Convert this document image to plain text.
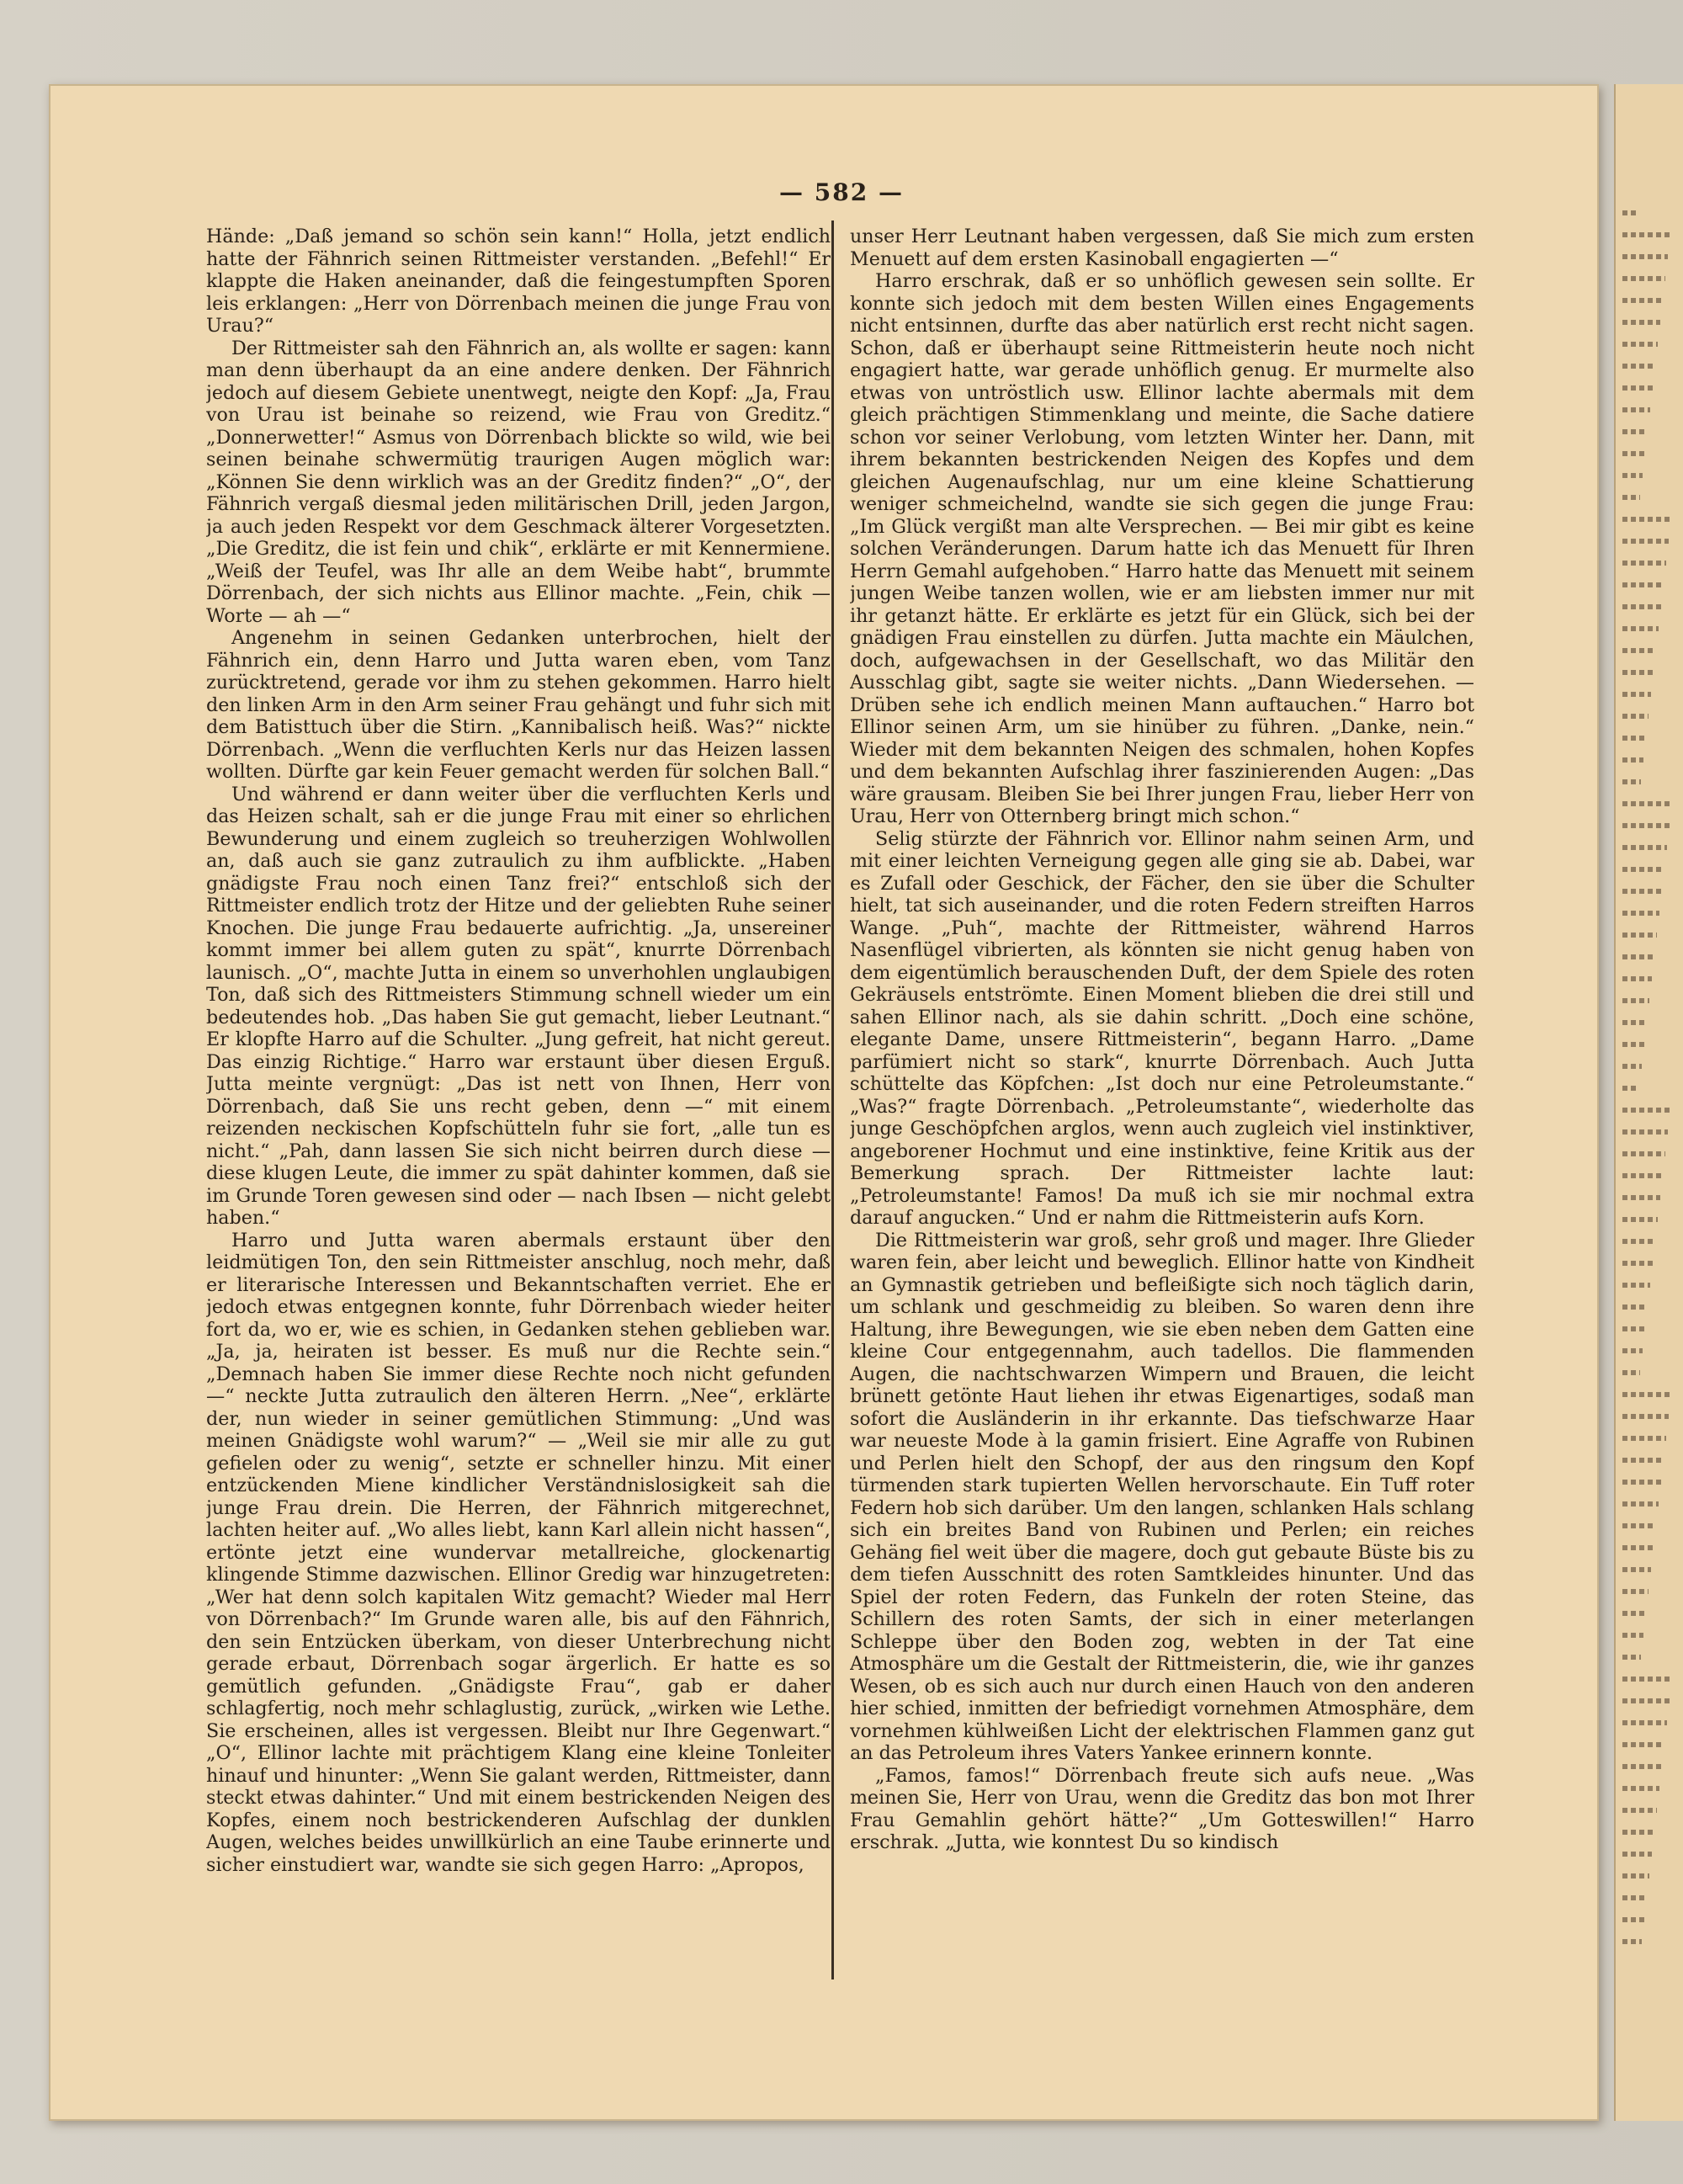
— 582 —

Hände: „Daß jemand so schön sein kann!“ Holla, jetzt endlich hatte der Fähnrich seinen Rittmeister verstanden. „Befehl!“ Er klappte die Haken aneinander, daß die feingestumpften Sporen leis erklangen: „Herr von Dörrenbach meinen die junge Frau von Urau?“

Der Rittmeister sah den Fähnrich an, als wollte er sagen: kann man denn überhaupt da an eine andere denken. Der Fähnrich jedoch auf diesem Gebiete unentwegt, neigte den Kopf: „Ja, Frau von Urau ist beinahe so reizend, wie Frau von Greditz.“ „Donnerwetter!“ Asmus von Dörrenbach blickte so wild, wie bei seinen beinahe schwermütig traurigen Augen möglich war: „Können Sie denn wirklich was an der Greditz finden?“ „O“, der Fähnrich vergaß diesmal jeden militärischen Drill, jeden Jargon, ja auch jeden Respekt vor dem Geschmack älterer Vorgesetzten. „Die Greditz, die ist fein und chik“, erklärte er mit Kennermiene. „Weiß der Teufel, was Ihr alle an dem Weibe habt“, brummte Dörrenbach, der sich nichts aus Ellinor machte. „Fein, chik — Worte — ah —“

Angenehm in seinen Gedanken unterbrochen, hielt der Fähnrich ein, denn Harro und Jutta waren eben, vom Tanz zurücktretend, gerade vor ihm zu stehen gekommen. Harro hielt den linken Arm in den Arm seiner Frau gehängt und fuhr sich mit dem Batisttuch über die Stirn. „Kannibalisch heiß. Was?“ nickte Dörrenbach. „Wenn die verfluchten Kerls nur das Heizen lassen wollten. Dürfte gar kein Feuer gemacht werden für solchen Ball.“

Und während er dann weiter über die verfluchten Kerls und das Heizen schalt, sah er die junge Frau mit einer so ehrlichen Bewunderung und einem zugleich so treuherzigen Wohlwollen an, daß auch sie ganz zutraulich zu ihm aufblickte. „Haben gnädigste Frau noch einen Tanz frei?“ entschloß sich der Rittmeister endlich trotz der Hitze und der geliebten Ruhe seiner Knochen. Die junge Frau bedauerte aufrichtig. „Ja, unsereiner kommt immer bei allem guten zu spät“, knurrte Dörrenbach launisch. „O“, machte Jutta in einem so unverhohlen unglaubigen Ton, daß sich des Rittmeisters Stimmung schnell wieder um ein bedeutendes hob. „Das haben Sie gut gemacht, lieber Leutnant.“ Er klopfte Harro auf die Schulter. „Jung gefreit, hat nicht gereut. Das einzig Richtige.“ Harro war erstaunt über diesen Erguß. Jutta meinte vergnügt: „Das ist nett von Ihnen, Herr von Dörrenbach, daß Sie uns recht geben, denn —“ mit einem reizenden neckischen Kopfschütteln fuhr sie fort, „alle tun es nicht.“ „Pah, dann lassen Sie sich nicht beirren durch diese — diese klugen Leute, die immer zu spät dahinter kommen, daß sie im Grunde Toren gewesen sind oder — nach Ibsen — nicht gelebt haben.“

Harro und Jutta waren abermals erstaunt über den leidmütigen Ton, den sein Rittmeister anschlug, noch mehr, daß er literarische Interessen und Bekanntschaften verriet. Ehe er jedoch etwas entgegnen konnte, fuhr Dörrenbach wieder heiter fort da, wo er, wie es schien, in Gedanken stehen geblieben war. „Ja, ja, heiraten ist besser. Es muß nur die Rechte sein.“ „Demnach haben Sie immer diese Rechte noch nicht gefunden —“ neckte Jutta zutraulich den älteren Herrn. „Nee“, erklärte der, nun wieder in seiner gemütlichen Stimmung: „Und was meinen Gnädigste wohl warum?“ — „Weil sie mir alle zu gut gefielen oder zu wenig“, setzte er schneller hinzu. Mit einer entzückenden Miene kindlicher Verständnislosigkeit sah die junge Frau drein. Die Herren, der Fähnrich mitgerechnet, lachten heiter auf. „Wo alles liebt, kann Karl allein nicht hassen“, ertönte jetzt eine wundervar metallreiche, glockenartig klingende Stimme dazwischen. Ellinor Gredig war hinzugetreten: „Wer hat denn solch kapitalen Witz gemacht? Wieder mal Herr von Dörrenbach?“ Im Grunde waren alle, bis auf den Fähnrich, den sein Entzücken überkam, von dieser Unterbrechung nicht gerade erbaut, Dörrenbach sogar ärgerlich. Er hatte es so gemütlich gefunden. „Gnädigste Frau“, gab er daher schlagfertig, noch mehr schlaglustig, zurück, „wirken wie Lethe. Sie erscheinen, alles ist vergessen. Bleibt nur Ihre Gegenwart.“ „O“, Ellinor lachte mit prächtigem Klang eine kleine Tonleiter hinauf und hinunter: „Wenn Sie galant werden, Rittmeister, dann steckt etwas dahinter.“ Und mit einem bestrickenden Neigen des Kopfes, einem noch bestrickenderen Aufschlag der dunklen Augen, welches beides unwillkürlich an eine Taube erinnerte und sicher einstudiert war, wandte sie sich gegen Harro: „Apropos,

unser Herr Leutnant haben vergessen, daß Sie mich zum ersten Menuett auf dem ersten Kasinoball engagierten —“

Harro erschrak, daß er so unhöflich gewesen sein sollte. Er konnte sich jedoch mit dem besten Willen eines Engagements nicht entsinnen, durfte das aber natürlich erst recht nicht sagen. Schon, daß er überhaupt seine Rittmeisterin heute noch nicht engagiert hatte, war gerade unhöflich genug. Er murmelte also etwas von untröstlich usw. Ellinor lachte abermals mit dem gleich prächtigen Stimmenklang und meinte, die Sache datiere schon vor seiner Verlobung, vom letzten Winter her. Dann, mit ihrem bekannten bestrickenden Neigen des Kopfes und dem gleichen Augenaufschlag, nur um eine kleine Schattierung weniger schmeichelnd, wandte sie sich gegen die junge Frau: „Im Glück vergißt man alte Versprechen. — Bei mir gibt es keine solchen Veränderungen. Darum hatte ich das Menuett für Ihren Herrn Gemahl aufgehoben.“ Harro hatte das Menuett mit seinem jungen Weibe tanzen wollen, wie er am liebsten immer nur mit ihr getanzt hätte. Er erklärte es jetzt für ein Glück, sich bei der gnädigen Frau einstellen zu dürfen. Jutta machte ein Mäulchen, doch, aufgewachsen in der Gesellschaft, wo das Militär den Ausschlag gibt, sagte sie weiter nichts. „Dann Wiedersehen. — Drüben sehe ich endlich meinen Mann auftauchen.“ Harro bot Ellinor seinen Arm, um sie hinüber zu führen. „Danke, nein.“ Wieder mit dem bekannten Neigen des schmalen, hohen Kopfes und dem bekannten Aufschlag ihrer faszinierenden Augen: „Das wäre grausam. Bleiben Sie bei Ihrer jungen Frau, lieber Herr von Urau, Herr von Otternberg bringt mich schon.“

Selig stürzte der Fähnrich vor. Ellinor nahm seinen Arm, und mit einer leichten Verneigung gegen alle ging sie ab. Dabei, war es Zufall oder Geschick, der Fächer, den sie über die Schulter hielt, tat sich auseinander, und die roten Federn streiften Harros Wange. „Puh“, machte der Rittmeister, während Harros Nasenflügel vibrierten, als könnten sie nicht genug haben von dem eigentümlich berauschenden Duft, der dem Spiele des roten Gekräusels entströmte. Einen Moment blieben die drei still und sahen Ellinor nach, als sie dahin schritt. „Doch eine schöne, elegante Dame, unsere Rittmeisterin“, begann Harro. „Dame parfümiert nicht so stark“, knurrte Dörrenbach. Auch Jutta schüttelte das Köpfchen: „Ist doch nur eine Petroleumstante.“ „Was?“ fragte Dörrenbach. „Petroleumstante“, wiederholte das junge Geschöpfchen arglos, wenn auch zugleich viel instinktiver, angeborener Hochmut und eine instinktive, feine Kritik aus der Bemerkung sprach. Der Rittmeister lachte laut: „Petroleumstante! Famos! Da muß ich sie mir nochmal extra darauf angucken.“ Und er nahm die Rittmeisterin aufs Korn.

Die Rittmeisterin war groß, sehr groß und mager. Ihre Glieder waren fein, aber leicht und beweglich. Ellinor hatte von Kindheit an Gymnastik getrieben und befleißigte sich noch täglich darin, um schlank und geschmeidig zu bleiben. So waren denn ihre Haltung, ihre Bewegungen, wie sie eben neben dem Gatten eine kleine Cour entgegennahm, auch tadellos. Die flammenden Augen, die nachtschwarzen Wimpern und Brauen, die leicht brünett getönte Haut liehen ihr etwas Eigenartiges, sodaß man sofort die Ausländerin in ihr erkannte. Das tiefschwarze Haar war neueste Mode à la gamin frisiert. Eine Agraffe von Rubinen und Perlen hielt den Schopf, der aus den ringsum den Kopf türmenden stark tupierten Wellen hervorschaute. Ein Tuff roter Federn hob sich darüber. Um den langen, schlanken Hals schlang sich ein breites Band von Rubinen und Perlen; ein reiches Gehäng fiel weit über die magere, doch gut gebaute Büste bis zu dem tiefen Ausschnitt des roten Samtkleides hinunter. Und das Spiel der roten Federn, das Funkeln der roten Steine, das Schillern des roten Samts, der sich in einer meterlangen Schleppe über den Boden zog, webten in der Tat eine Atmosphäre um die Gestalt der Rittmeisterin, die, wie ihr ganzes Wesen, ob es sich auch nur durch einen Hauch von den anderen hier schied, inmitten der befriedigt vornehmen Atmosphäre, dem vornehmen kühlweißen Licht der elektrischen Flammen ganz gut an das Petroleum ihres Vaters Yankee erinnern konnte.

„Famos, famos!“ Dörrenbach freute sich aufs neue. „Was meinen Sie, Herr von Urau, wenn die Greditz das bon mot Ihrer Frau Gemahlin gehört hätte?“ „Um Gotteswillen!“ Harro erschrak. „Jutta, wie konntest Du so kindisch
